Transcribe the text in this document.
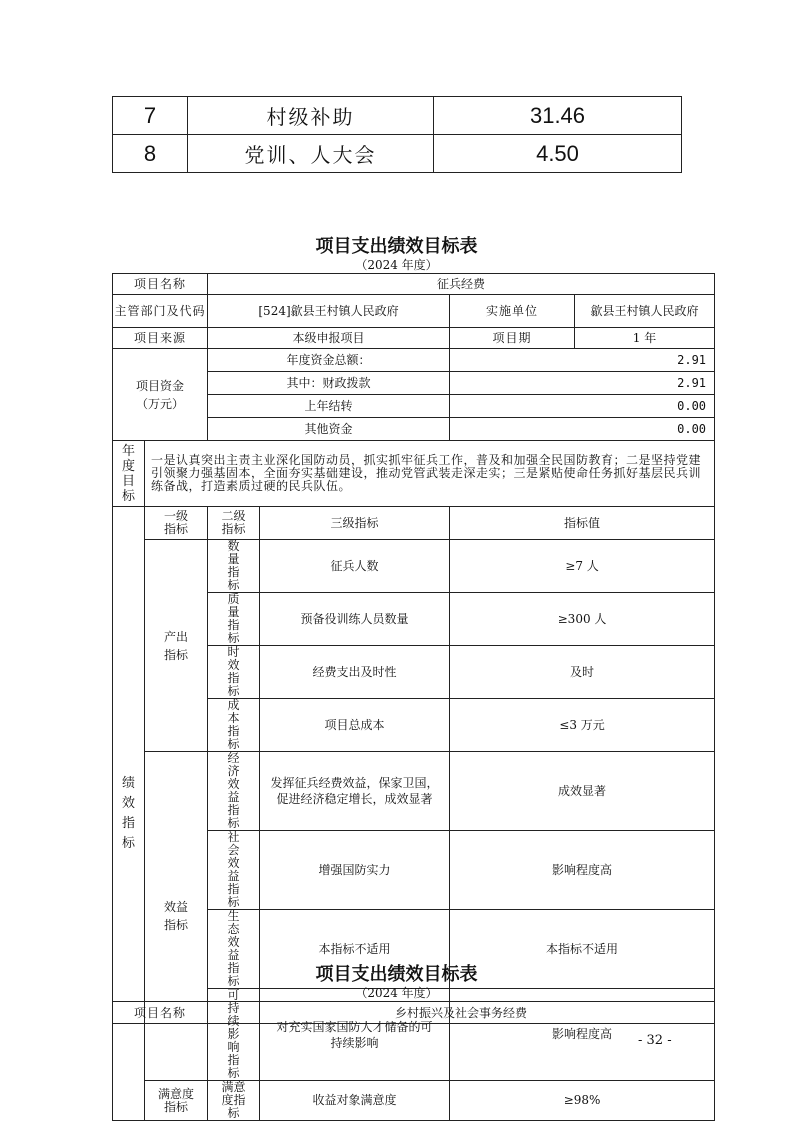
7	村级补助	31.46
8	党训、人大会	4.50
项目支出绩效目标表
（2024 年度）
项目名称		征兵经费			
主管部门及代码		[524]歙县王村镇人民政府		实施单位	歙县王村镇人民政府
项目来源		本级申报项目		项目期	1 年
项目资金
（万元）		年度资金总额：		2.91	
		其中：财政拨款		2.91	
		上年结转		0.00	
		其他资金		0.00	
年度目标	一是认真突出主责主业深化国防动员，抓实抓牢征兵工作，普及和加强全民国防教育；二是坚持党建引领聚力强基固本，全面夯实基础建设，推动党管武装走深走实；三是紧贴使命任务抓好基层民兵训练备战，打造素质过硬的民兵队伍。				
绩效指标	一级指标	二级指标	三级指标	指标值	
	产出指标	数量指标	征兵人数	≥7 人	
		质量指标	预备役训练人员数量	≥300 人	
		时效指标	经费支出及时性	及时	
		成本指标	项目总成本	≤3 万元	
	效益指标	经济效益指标	发挥征兵经费效益，保家卫国，促进经济稳定增长，成效显著	成效显著	
		社会效益指标	增强国防实力	影响程度高	
		生态效益指标	本指标不适用	本指标不适用	
		可持续影响指标	对充实国家国防人才储备的可持续影响	影响程度高	
	满意度指标	满意度指标	收益对象满意度	≥98%	
项目支出绩效目标表
（2024 年度）
项目名称	乡村振兴及社会事务经费
- 32 -
